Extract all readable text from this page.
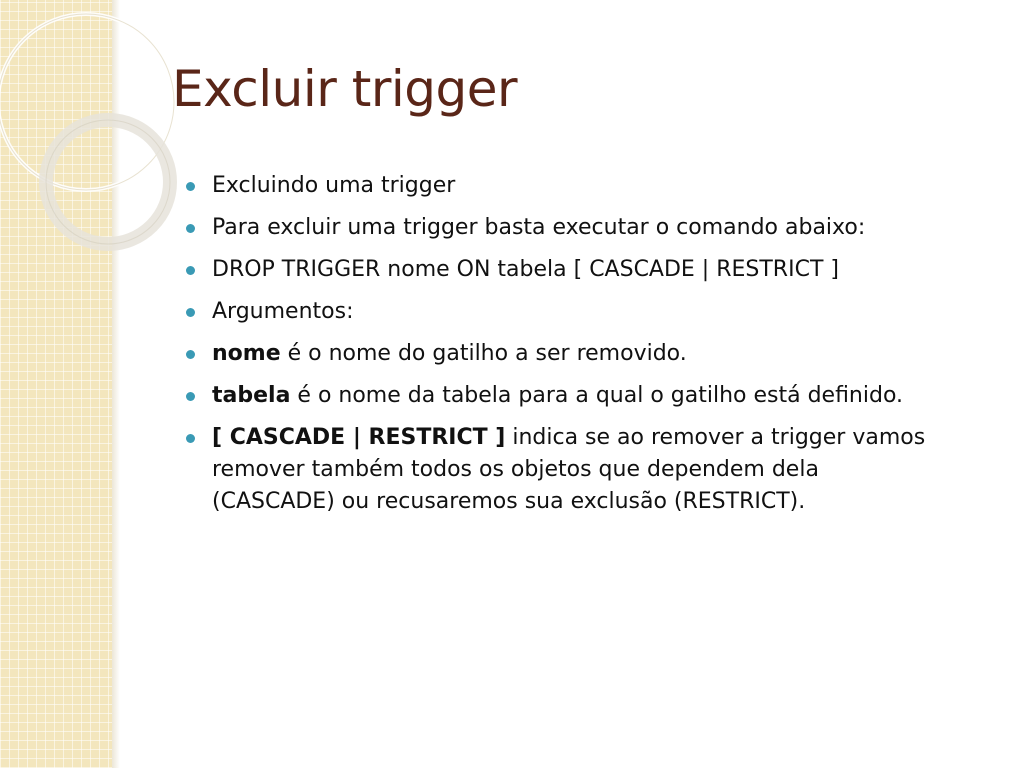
Excluir trigger
Excluindo uma trigger
Para excluir uma trigger basta executar o comando abaixo:
DROP TRIGGER nome ON tabela [ CASCADE | RESTRICT ]
Argumentos:
nome é o nome do gatilho a ser removido.
tabela é o nome da tabela para a qual o gatilho está definido.
[ CASCADE | RESTRICT ] indica se ao remover a trigger vamos remover também todos os objetos que dependem dela (CASCADE) ou recusaremos sua exclusão (RESTRICT).
